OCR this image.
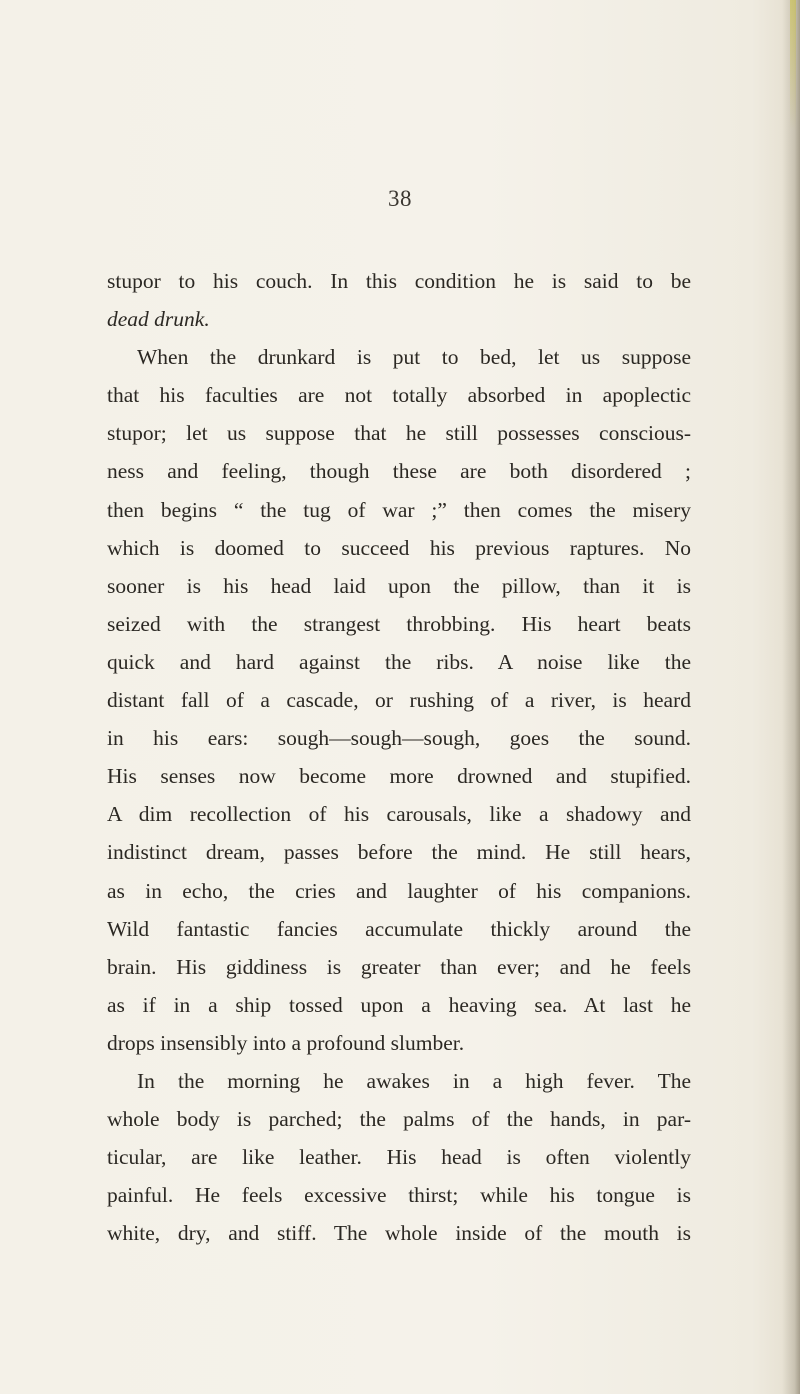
38
stupor to his couch. In this condition he is said to be
dead drunk.
When the drunkard is put to bed, let us suppose
that his faculties are not totally absorbed in apoplectic
stupor; let us suppose that he still possesses conscious-
ness and feeling, though these are both disordered ;
then begins “ the tug of war ;” then comes the misery
which is doomed to succeed his previous raptures. No
sooner is his head laid upon the pillow, than it is
seized with the strangest throbbing. His heart beats
quick and hard against the ribs. A noise like the
distant fall of a cascade, or rushing of a river, is heard
in his ears: sough—sough—sough, goes the sound.
His senses now become more drowned and stupified.
A dim recollection of his carousals, like a shadowy and
indistinct dream, passes before the mind. He still hears,
as in echo, the cries and laughter of his companions.
Wild fantastic fancies accumulate thickly around the
brain. His giddiness is greater than ever; and he feels
as if in a ship tossed upon a heaving sea. At last he
drops insensibly into a profound slumber.
In the morning he awakes in a high fever. The
whole body is parched; the palms of the hands, in par-
ticular, are like leather. His head is often violently
painful. He feels excessive thirst; while his tongue is
white, dry, and stiff. The whole inside of the mouth is
